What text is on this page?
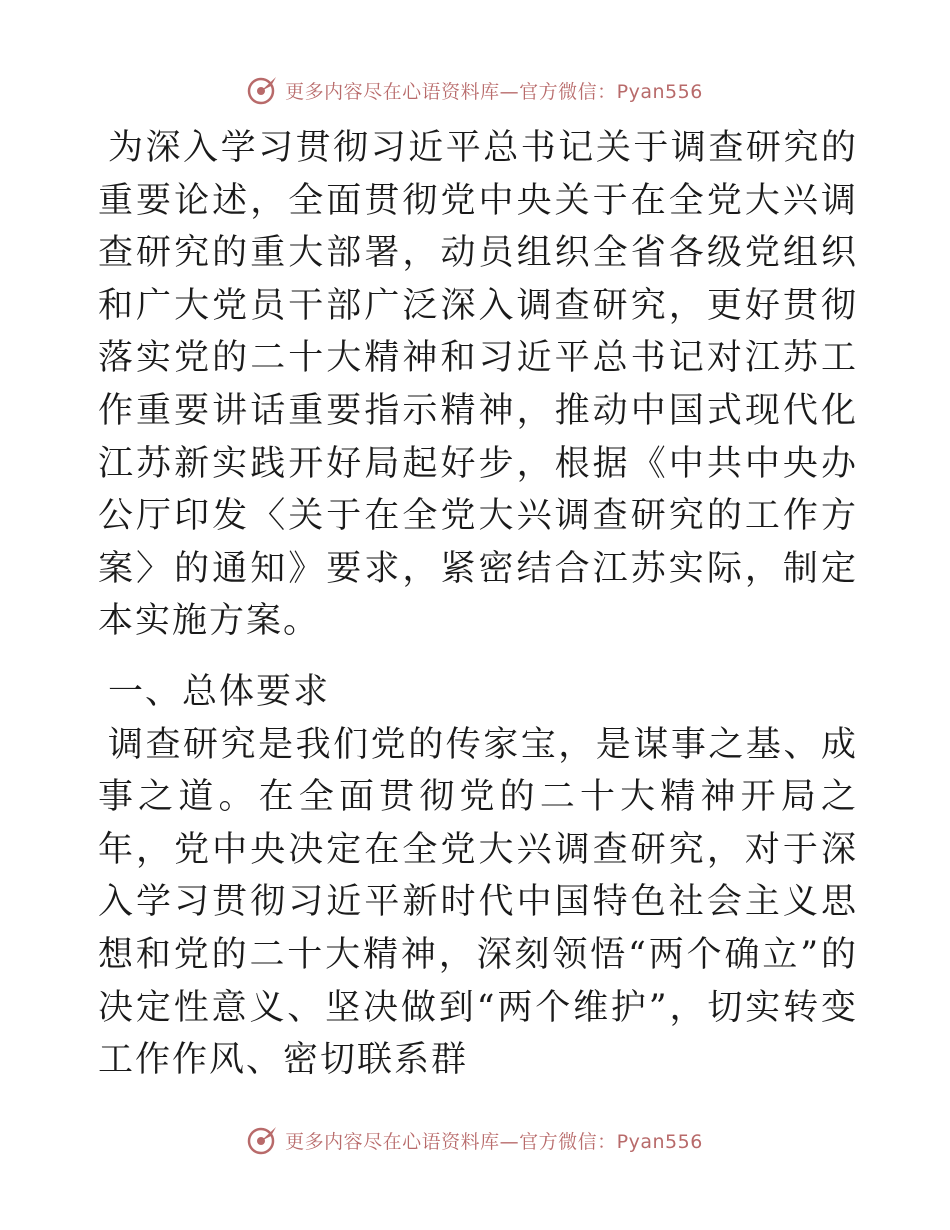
更多内容尽在心语资料库—官方微信：Pyan556

为深入学习贯彻习近平总书记关于调查研究的重要论述，全面贯彻党中央关于在全党大兴调查研究的重大部署，动员组织全省各级党组织和广大党员干部广泛深入调查研究，更好贯彻落实党的二十大精神和习近平总书记对江苏工作重要讲话重要指示精神，推动中国式现代化江苏新实践开好局起好步，根据《中共中央办公厅印发〈关于在全党大兴调查研究的工作方案〉的通知》要求，紧密结合江苏实际，制定本实施方案。

一、总体要求

调查研究是我们党的传家宝，是谋事之基、成事之道。在全面贯彻党的二十大精神开局之年，党中央决定在全党大兴调查研究，对于深入学习贯彻习近平新时代中国特色社会主义思想和党的二十大精神，深刻领悟“两个确立”的决定性意义、坚决做到“两个维护”，切实转变工作作风、密切联系群

更多内容尽在心语资料库—官方微信：Pyan556
